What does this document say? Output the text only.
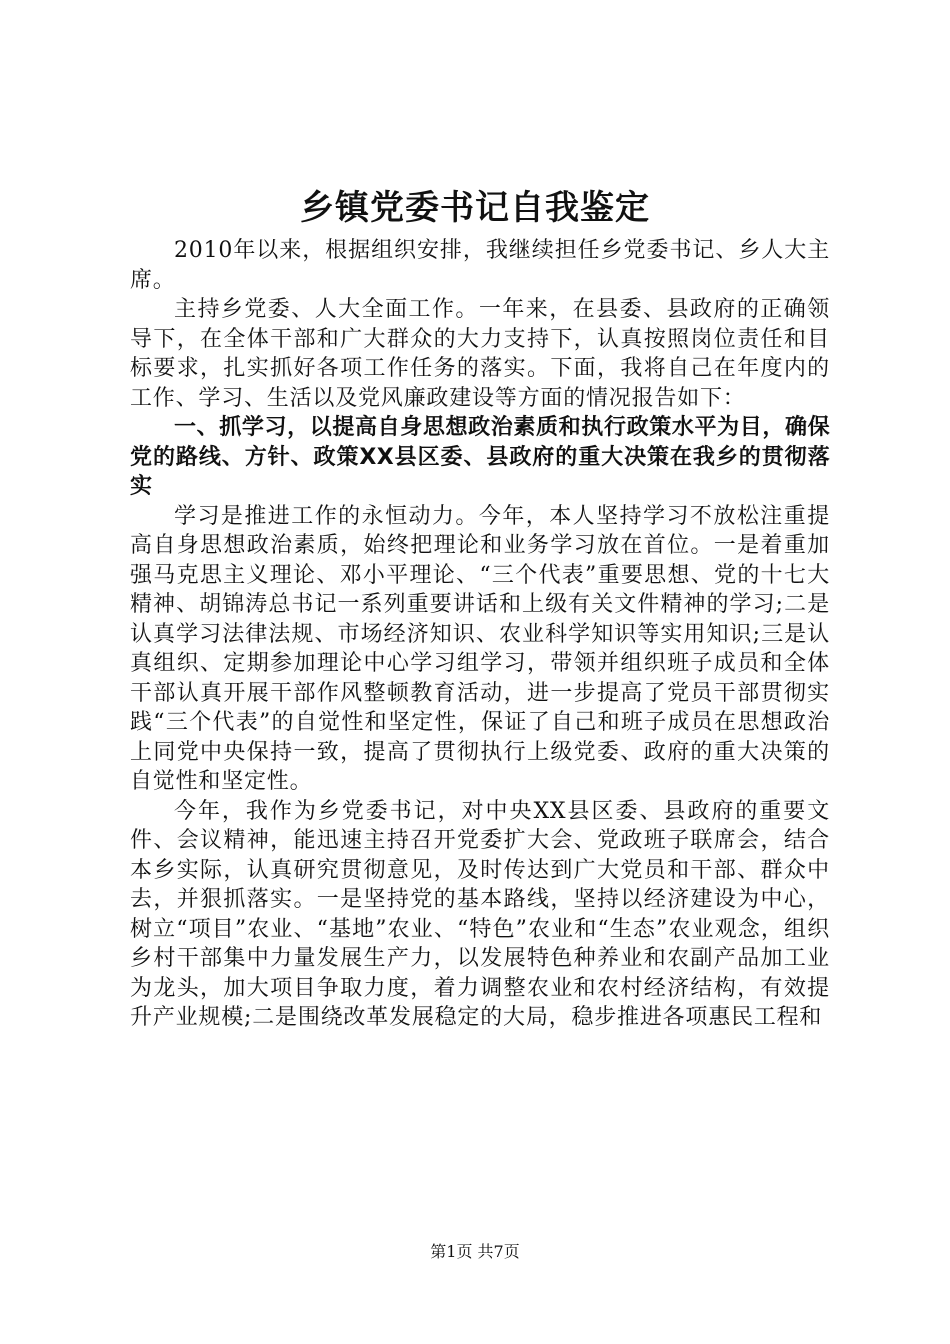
乡镇党委书记自我鉴定

2010年以来，根据组织安排，我继续担任乡党委书记、乡人大主席。

主持乡党委、人大全面工作。一年来，在县委、县政府的正确领导下，在全体干部和广大群众的大力支持下，认真按照岗位责任和目标要求，扎实抓好各项工作任务的落实。下面，我将自己在年度内的工作、学习、生活以及党风廉政建设等方面的情况报告如下：

一、抓学习，以提高自身思想政治素质和执行政策水平为目，确保党的路线、方针、政策XX县区委、县政府的重大决策在我乡的贯彻落实

学习是推进工作的永恒动力。今年，本人坚持学习不放松注重提高自身思想政治素质，始终把理论和业务学习放在首位。一是着重加强马克思主义理论、邓小平理论、“三个代表”重要思想、党的十七大精神、胡锦涛总书记一系列重要讲话和上级有关文件精神的学习;二是认真学习法律法规、市场经济知识、农业科学知识等实用知识;三是认真组织、定期参加理论中心学习组学习，带领并组织班子成员和全体干部认真开展干部作风整顿教育活动，进一步提高了党员干部贯彻实践“三个代表”的自觉性和坚定性，保证了自己和班子成员在思想政治上同党中央保持一致，提高了贯彻执行上级党委、政府的重大决策的自觉性和坚定性。

今年，我作为乡党委书记，对中央XX县区委、县政府的重要文件、会议精神，能迅速主持召开党委扩大会、党政班子联席会，结合本乡实际，认真研究贯彻意见，及时传达到广大党员和干部、群众中去，并狠抓落实。一是坚持党的基本路线，坚持以经济建设为中心，树立“项目”农业、“基地”农业、“特色”农业和“生态”农业观念，组织乡村干部集中力量发展生产力，以发展特色种养业和农副产品加工业为龙头，加大项目争取力度，着力调整农业和农村经济结构，有效提升产业规模;二是围绕改革发展稳定的大局，稳步推进各项惠民工程和

第1页 共7页
